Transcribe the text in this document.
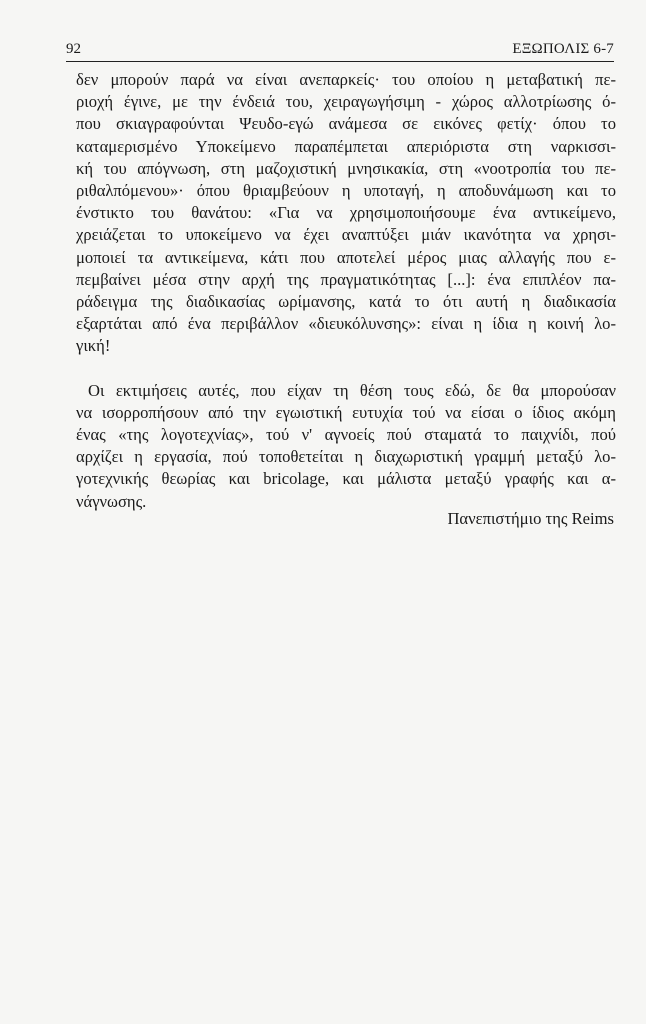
92	ΕΞΩΠΟΛΙΣ 6-7
δεν μπορούν παρά να είναι ανεπαρκείς· του οποίου η μεταβατική πε-
ριοχή έγινε, με την ένδειά του, χειραγωγήσιμη - χώρος αλλοτρίωσης ό-
που σκιαγραφούνται Ψευδο-εγώ ανάμεσα σε εικόνες φετίχ· όπου το
καταμερισμένο Υποκείμενο παραπέμπεται απεριόριστα στη ναρκισσι-
κή του απόγνωση, στη μαζοχιστική μνησικακία, στη «νοοτροπία του πε-
ριθαλπόμενου»· όπου θριαμβεύουν η υποταγή, η αποδυνάμωση και το
ένστικτο του θανάτου: «Για να χρησιμοποιήσουμε ένα αντικείμενο,
χρειάζεται το υποκείμενο να έχει αναπτύξει μιάν ικανότητα να χρησι-
μοποιεί τα αντικείμενα, κάτι που αποτελεί μέρος μιας αλλαγής που ε-
πεμβαίνει μέσα στην αρχή της πραγματικότητας [...]: ένα επιπλέον πα-
ράδειγμα της διαδικασίας ωρίμανσης, κατά το ότι αυτή η διαδικασία
εξαρτάται από ένα περιβάλλον «διευκόλυνσης»: είναι η ίδια η κοινή λο-
γική!
Οι εκτιμήσεις αυτές, που είχαν τη θέση τους εδώ, δε θα μπορούσαν
να ισορροπήσουν από την εγωιστική ευτυχία τού να είσαι ο ίδιος ακόμη
ένας «της λογοτεχνίας», τού ν' αγνοείς πού σταματά το παιχνίδι, πού
αρχίζει η εργασία, πού τοποθετείται η διαχωριστική γραμμή μεταξύ λο-
γοτεχνικής θεωρίας και bricolage, και μάλιστα μεταξύ γραφής και α-
νάγνωσης.
Πανεπιστήμιο της Reims
